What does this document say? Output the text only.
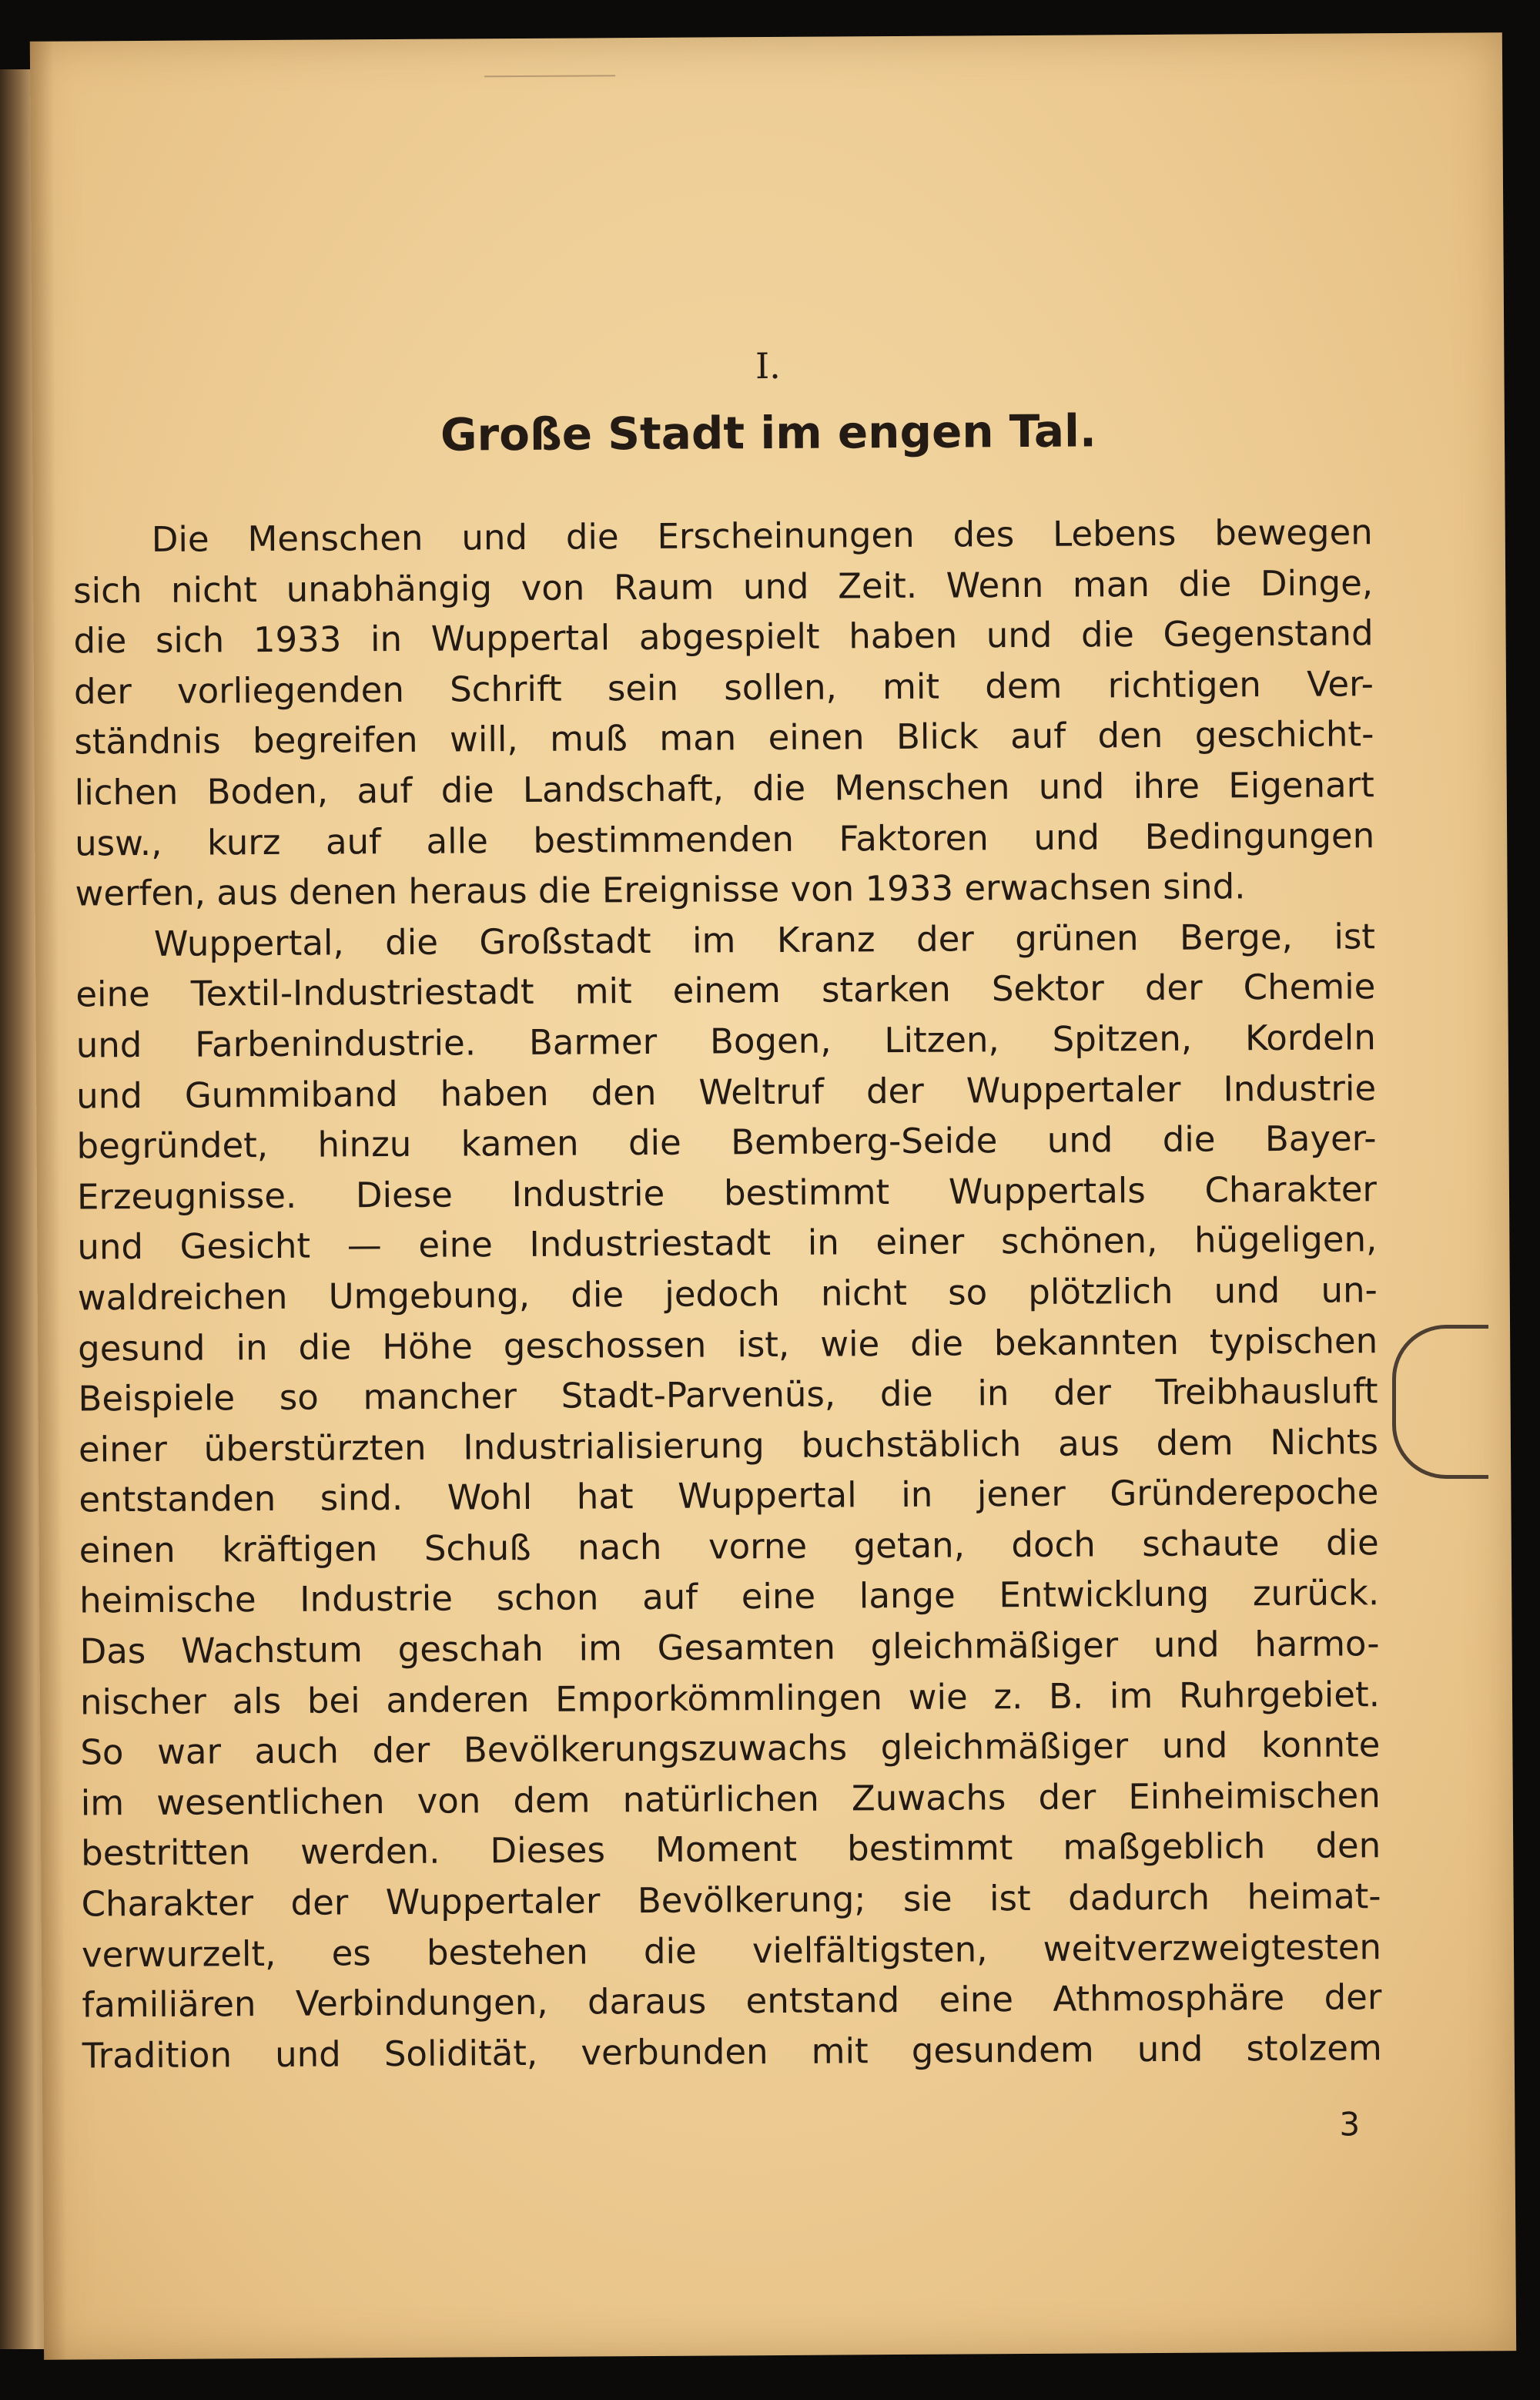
I.

Große Stadt im engen Tal.
Die Menschen und die Erscheinungen des Lebens bewegen
sich nicht unabhängig von Raum und Zeit. Wenn man die Dinge,
die sich 1933 in Wuppertal abgespielt haben und die Gegenstand
der vorliegenden Schrift sein sollen, mit dem richtigen Ver-
ständnis begreifen will, muß man einen Blick auf den geschicht-
lichen Boden, auf die Landschaft, die Menschen und ihre Eigenart
usw., kurz auf alle bestimmenden Faktoren und Bedingungen
werfen, aus denen heraus die Ereignisse von 1933 erwachsen sind.
Wuppertal, die Großstadt im Kranz der grünen Berge, ist
eine Textil-Industriestadt mit einem starken Sektor der Chemie
und Farbenindustrie. Barmer Bogen, Litzen, Spitzen, Kordeln
und Gummiband haben den Weltruf der Wuppertaler Industrie
begründet, hinzu kamen die Bemberg-Seide und die Bayer-
Erzeugnisse. Diese Industrie bestimmt Wuppertals Charakter
und Gesicht — eine Industriestadt in einer schönen, hügeligen,
waldreichen Umgebung, die jedoch nicht so plötzlich und un-
gesund in die Höhe geschossen ist, wie die bekannten typischen
Beispiele so mancher Stadt-Parvenüs, die in der Treibhausluft
einer überstürzten Industrialisierung buchstäblich aus dem Nichts
entstanden sind. Wohl hat Wuppertal in jener Gründerepoche
einen kräftigen Schuß nach vorne getan, doch schaute die
heimische Industrie schon auf eine lange Entwicklung zurück.
Das Wachstum geschah im Gesamten gleichmäßiger und harmo-
nischer als bei anderen Emporkömmlingen wie z. B. im Ruhrgebiet.
So war auch der Bevölkerungszuwachs gleichmäßiger und konnte
im wesentlichen von dem natürlichen Zuwachs der Einheimischen
bestritten werden. Dieses Moment bestimmt maßgeblich den
Charakter der Wuppertaler Bevölkerung; sie ist dadurch heimat-
verwurzelt, es bestehen die vielfältigsten, weitverzweigtesten
familiären Verbindungen, daraus entstand eine Athmosphäre der
Tradition und Solidität, verbunden mit gesundem und stolzem

3
